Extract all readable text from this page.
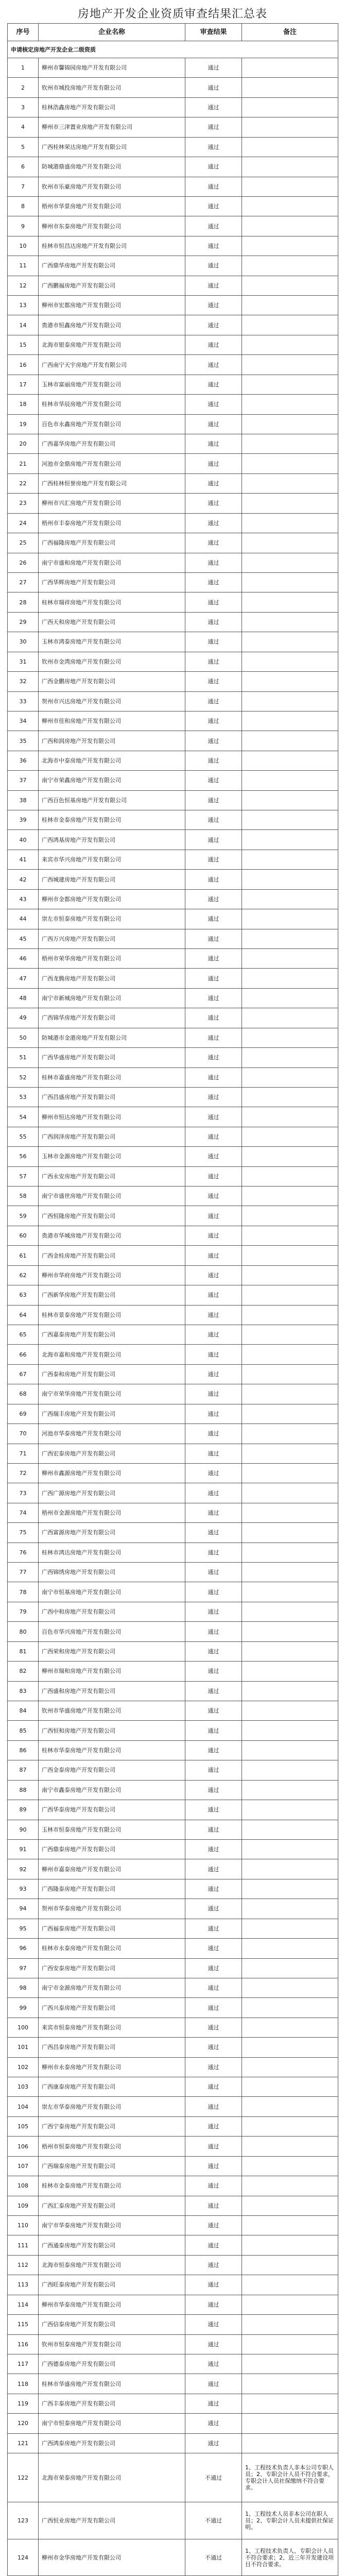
房地产开发企业资质审查结果汇总表
序号	企业名称	审查结果	备注
申请核定房地产开发企业二级资质			
1	柳州市馨锦园房地产开发有限公司	通过	
2	钦州市城投房地产开发有限公司	通过	
3	桂林浩鑫房地产开发有限公司	通过	
4	柳州市三津置业房地产开发有限公司	通过	
5	广西桂林荣达房地产开发有限公司	通过	
6	防城港鼎盛房地产开发有限公司	通过	
7	钦州市乐豪房地产开发有限公司	通过	
8	梧州市华景房地产开发有限公司	通过	
9	柳州市东泰房地产开发有限公司	通过	
10	桂林市恒昌达房地产开发有限公司	通过	
11	广西鼎华房地产开发有限公司	通过	
12	广西鹏福房地产开发有限公司	通过	
13	柳州市宏都房地产开发有限公司	通过	
14	贵港市恒鑫房地产开发有限公司	通过	
15	北海市银泰房地产开发有限公司	通过	
16	广西南宁天宇房地产开发有限公司	通过	
17	玉林市富丽房地产开发有限公司	通过	
18	桂林市华辰房地产开发有限公司	通过	
19	百色市永鑫房地产开发有限公司	通过	
20	广西嘉华房地产开发有限公司	通过	
21	河池市金鼎房地产开发有限公司	通过	
22	广西桂林恒誉房地产开发有限公司	通过	
23	柳州市兴汇房地产开发有限公司	通过	
24	梧州市丰泰房地产开发有限公司	通过	
25	广西福隆房地产开发有限公司	通过	
26	南宁市盛和房地产开发有限公司	通过	
27	广西华辉房地产开发有限公司	通过	
28	桂林市瑞祥房地产开发有限公司	通过	
29	广西天和房地产开发有限公司	通过	
30	玉林市鸿泰房地产开发有限公司	通过	
31	钦州市金湾房地产开发有限公司	通过	
32	广西金鹏房地产开发有限公司	通过	
33	贺州市兴达房地产开发有限公司	通过	
34	柳州市佳和房地产开发有限公司	通过	
35	广西和润房地产开发有限公司	通过	
36	北海市中泰房地产开发有限公司	通过	
37	南宁市荣鑫房地产开发有限公司	通过	
38	广西百色恒基房地产开发有限公司	通过	
39	桂林市金泰房地产开发有限公司	通过	
40	广西鸿基房地产开发有限公司	通过	
41	来宾市华兴房地产开发有限公司	通过	
42	广西城建房地产开发有限公司	通过	
43	柳州市金都房地产开发有限公司	通过	
44	崇左市恒泰房地产开发有限公司	通过	
45	广西万兴房地产开发有限公司	通过	
46	梧州市荣华房地产开发有限公司	通过	
47	广西龙腾房地产开发有限公司	通过	
48	南宁市新城房地产开发有限公司	通过	
49	广西锦华房地产开发有限公司	通过	
50	防城港市金港房地产开发有限公司	通过	
51	广西华盛房地产开发有限公司	通过	
52	桂林市嘉盛房地产开发有限公司	通过	
53	广西昌盛房地产开发有限公司	通过	
54	柳州市恒达房地产开发有限公司	通过	
55	广西润泽房地产开发有限公司	通过	
56	玉林市金源房地产开发有限公司	通过	
57	广西永安房地产开发有限公司	通过	
58	南宁市盛世房地产开发有限公司	通过	
59	广西恒隆房地产开发有限公司	通过	
60	贵港市华城房地产开发有限公司	通过	
61	广西金桂房地产开发有限公司	通过	
62	柳州市华府房地产开发有限公司	通过	
63	广西新华房地产开发有限公司	通过	
64	桂林市景泰房地产开发有限公司	通过	
65	广西嘉泰房地产开发有限公司	通过	
66	北海市嘉和房地产开发有限公司	通过	
67	广西泰和房地产开发有限公司	通过	
68	南宁市荣华房地产开发有限公司	通过	
69	广西瑞丰房地产开发有限公司	通过	
70	河池市华泰房地产开发有限公司	通过	
71	广西宏泰房地产开发有限公司	通过	
72	柳州市鑫源房地产开发有限公司	通过	
73	广西广源房地产开发有限公司	通过	
74	梧州市金源房地产开发有限公司	通过	
75	广西富源房地产开发有限公司	通过	
76	桂林市鸿达房地产开发有限公司	通过	
77	广西锦绣房地产开发有限公司	通过	
78	南宁市恒基房地产开发有限公司	通过	
79	广西中和房地产开发有限公司	通过	
80	百色市华兴房地产开发有限公司	通过	
81	广西荣和房地产开发有限公司	通过	
82	柳州市瑞和房地产开发有限公司	通过	
83	广西盛和房地产开发有限公司	通过	
84	钦州市华盛房地产开发有限公司	通过	
85	广西恒和房地产开发有限公司	通过	
86	桂林市华泰房地产开发有限公司	通过	
87	广西金泰房地产开发有限公司	通过	
88	南宁市鑫泰房地产开发有限公司	通过	
89	广西华泰房地产开发有限公司	通过	
90	玉林市恒泰房地产开发有限公司	通过	
91	广西鼎泰房地产开发有限公司	通过	
92	柳州市嘉泰房地产开发有限公司	通过	
93	广西隆泰房地产开发有限公司	通过	
94	贺州市华泰房地产开发有限公司	通过	
95	广西福泰房地产开发有限公司	通过	
96	桂林市永泰房地产开发有限公司	通过	
97	广西安泰房地产开发有限公司	通过	
98	南宁市金源房地产开发有限公司	通过	
99	广西兴泰房地产开发有限公司	通过	
100	来宾市恒泰房地产开发有限公司	通过	
101	广西昌泰房地产开发有限公司	通过	
102	柳州市永泰房地产开发有限公司	通过	
103	广西康泰房地产开发有限公司	通过	
104	崇左市华泰房地产开发有限公司	通过	
105	广西宁泰房地产开发有限公司	通过	
106	梧州市恒泰房地产开发有限公司	通过	
107	广西瑞泰房地产开发有限公司	通过	
108	桂林市金泰房地产开发有限公司	通过	
109	广西汇泰房地产开发有限公司	通过	
110	南宁市华泰房地产开发有限公司	通过	
111	广西通泰房地产开发有限公司	通过	
112	北海市恒泰房地产开发有限公司	通过	
113	广西旺泰房地产开发有限公司	通过	
114	柳州市华泰房地产开发有限公司	通过	
115	广西信泰房地产开发有限公司	通过	
116	钦州市恒泰房地产开发有限公司	通过	
117	广西德泰房地产开发有限公司	通过	
118	桂林市华盛房地产开发有限公司	通过	
119	广西丰泰房地产开发有限公司	通过	
120	南宁市恒泰房地产开发有限公司	通过	
121	广西鸿泰房地产开发有限公司	通过	
122	北海市荣泰房地产开发有限公司	不通过	1、工程技术负责人非本公司专职人员；2、专职会计人员不符合要求，专职会计人员社保缴纳不符合要求。
123	广西恒业房地产开发有限公司	不通过	1、工程技术人员非本公司在职人员；2、专职会计人员未提供社保证明。
124	柳州市金华房地产开发有限公司	不通过	1、工程技术负责人、专职会计人员不符合要求；2、近三年开发建设项目不符合要求。
